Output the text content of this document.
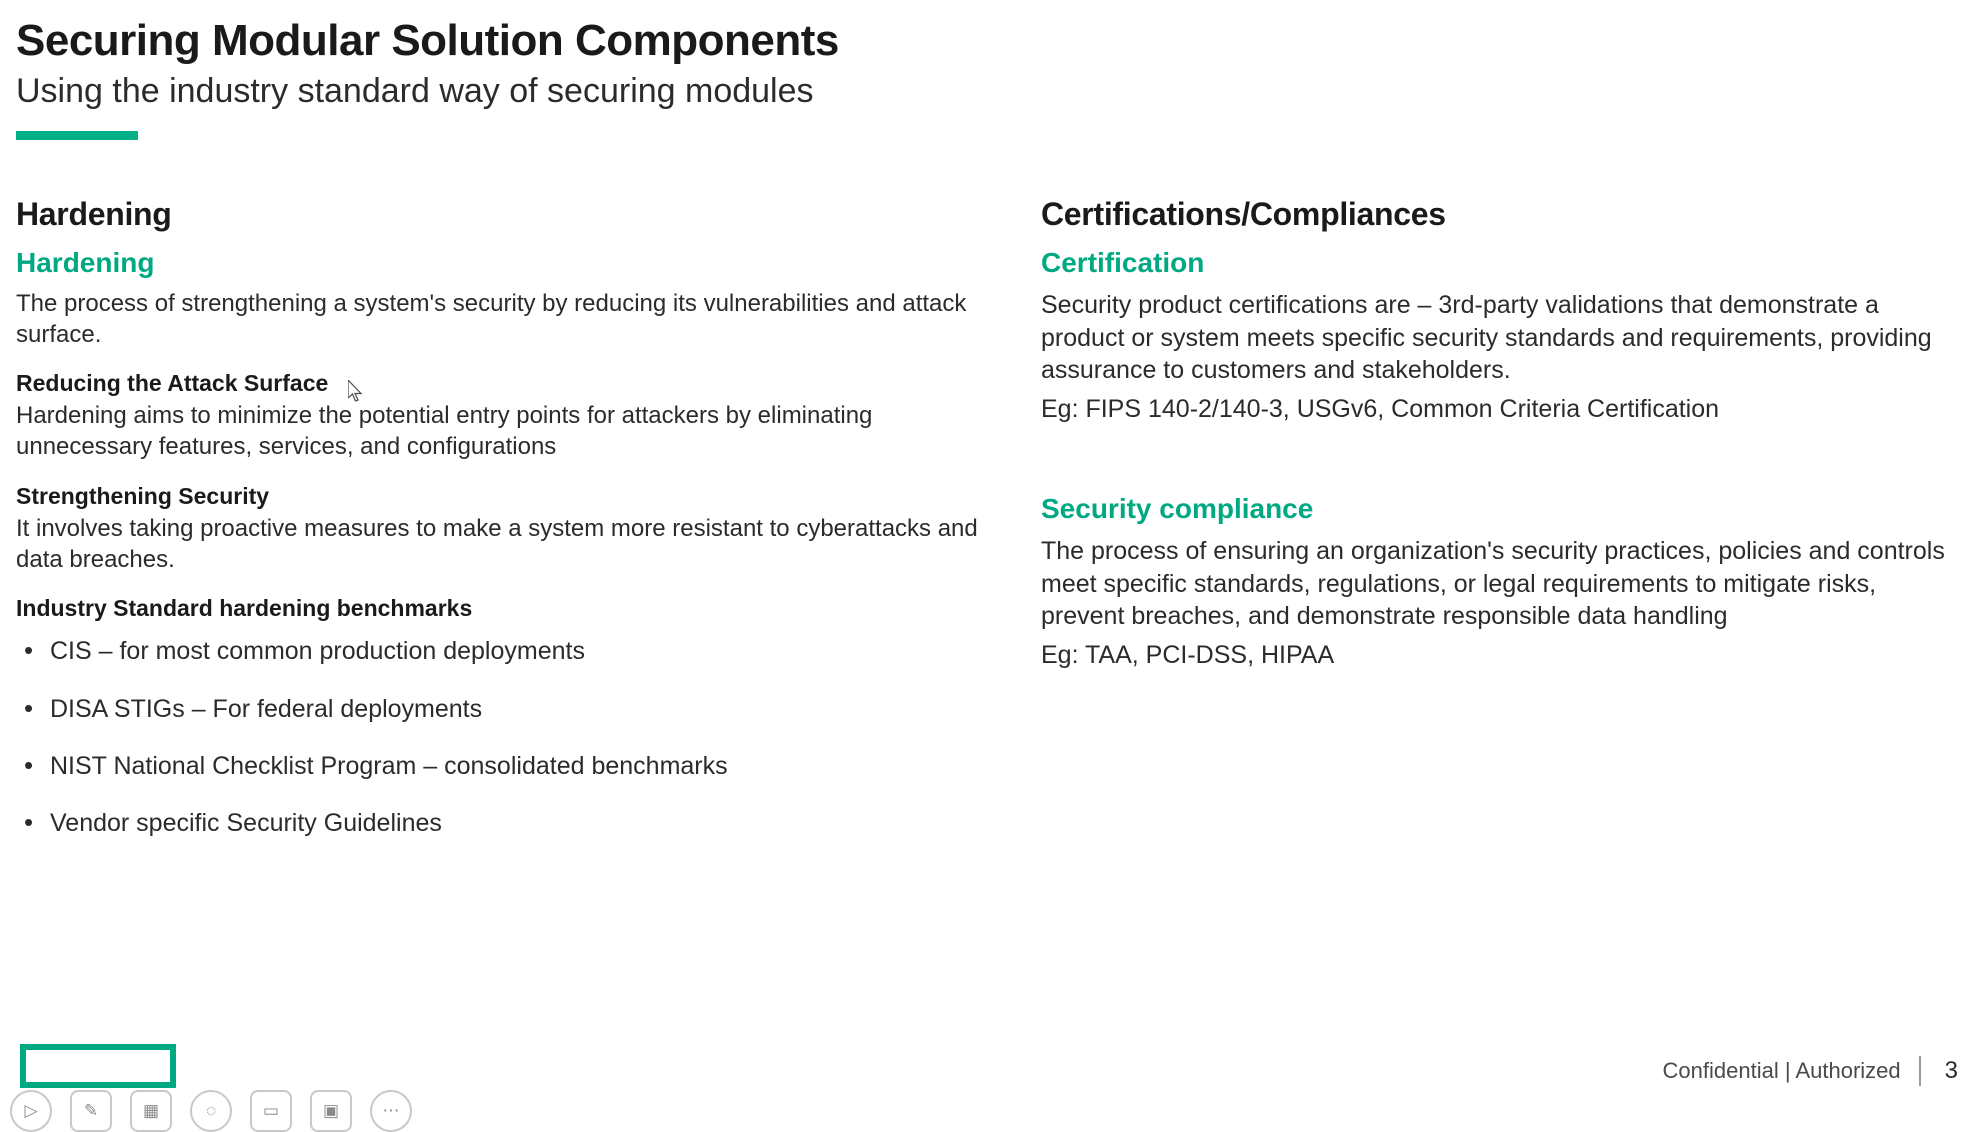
Securing Modular Solution Components
Using the industry standard way of securing modules
Hardening
Hardening

The process of strengthening a system's security by reducing its vulnerabilities and attack surface.

Reducing the Attack Surface

Hardening aims to minimize the potential entry points for attackers by eliminating unnecessary features, services, and configurations

Strengthening Security

It involves taking proactive measures to make a system more resistant to cyberattacks and data breaches.

Industry Standard hardening benchmarks
• CIS – for most common production deployments
• DISA STIGs – For federal deployments
• NIST National Checklist Program – consolidated benchmarks
• Vendor specific Security Guidelines
Certifications/Compliances
Certification

Security product certifications are – 3rd-party validations that demonstrate a product or system meets specific security standards and requirements, providing assurance to customers and stakeholders.

Eg: FIPS 140-2/140-3, USGv6, Common Criteria Certification

Security compliance

The process of ensuring an organization's security practices, policies and controls meet specific standards, regulations, or legal requirements to mitigate risks, prevent breaches, and demonstrate responsible data handling

Eg: TAA, PCI-DSS, HIPAA

Confidential | Authorized 3
▷	✎	▦	◌	▭	▣	⋯
